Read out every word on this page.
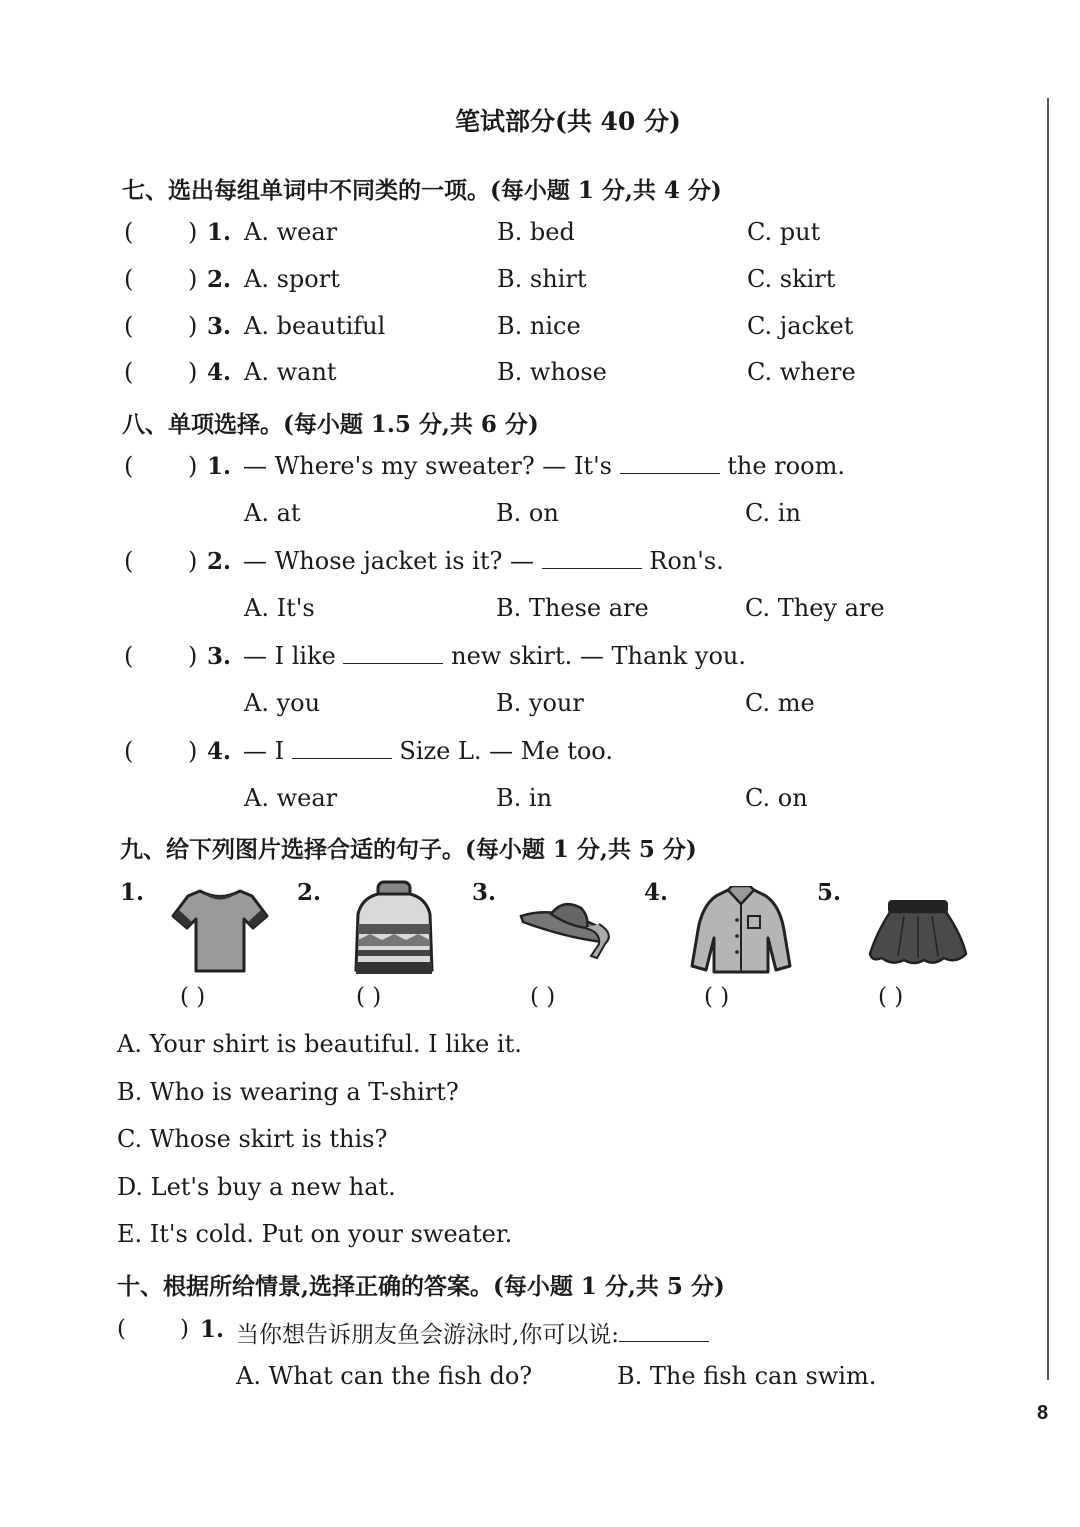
笔试部分(共 40 分)
七、选出每组单词中不同类的一项。(每小题 1 分,共 4 分)
( ) 1. A. wear	B. bed	C. put
( ) 2. A. sport	B. shirt	C. skirt
( ) 3. A. beautiful	B. nice	C. jacket
( ) 4. A. want	B. whose	C. where
八、单项选择。(每小题 1.5 分,共 6 分)
( ) 1. — Where's my sweater? — It's	the room.
A. at	B. on	C. in
( ) 2. — Whose jacket is it? —	Ron's.
A. It's	B. These are	C. They are
( ) 3. — I like	new skirt. — Thank you.
A. you	B. your	C. me
( ) 4. — I	Size L. — Me too.
A. wear	B. in	C. on
九、给下列图片选择合适的句子。(每小题 1 分,共 5 分)
1.	2.	3.	4.	5.
( )	( )	( )	( )	( )
A. Your shirt is beautiful. I like it.
B. Who is wearing a T-shirt?
C. Whose skirt is this?
D. Let's buy a new hat.
E. It's cold. Put on your sweater.
十、根据所给情景,选择正确的答案。(每小题 1 分,共 5 分)
( ) 1. 当你想告诉朋友鱼会游泳时,你可以说:
A. What can the fish do?	B. The fish can swim.
8
